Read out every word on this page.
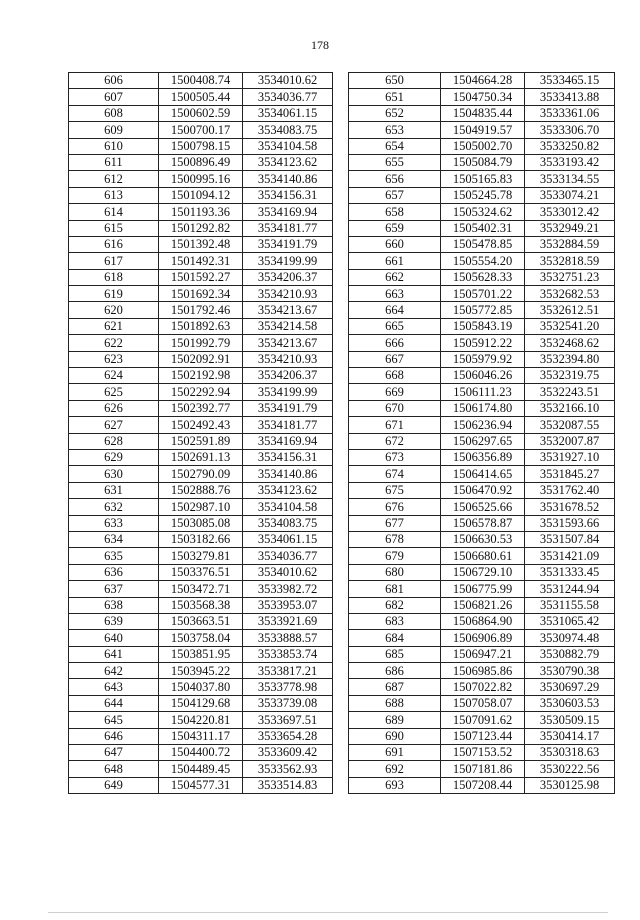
178
606	1500408.74	3534010.62
607	1500505.44	3534036.77
608	1500602.59	3534061.15
609	1500700.17	3534083.75
610	1500798.15	3534104.58
611	1500896.49	3534123.62
612	1500995.16	3534140.86
613	1501094.12	3534156.31
614	1501193.36	3534169.94
615	1501292.82	3534181.77
616	1501392.48	3534191.79
617	1501492.31	3534199.99
618	1501592.27	3534206.37
619	1501692.34	3534210.93
620	1501792.46	3534213.67
621	1501892.63	3534214.58
622	1501992.79	3534213.67
623	1502092.91	3534210.93
624	1502192.98	3534206.37
625	1502292.94	3534199.99
626	1502392.77	3534191.79
627	1502492.43	3534181.77
628	1502591.89	3534169.94
629	1502691.13	3534156.31
630	1502790.09	3534140.86
631	1502888.76	3534123.62
632	1502987.10	3534104.58
633	1503085.08	3534083.75
634	1503182.66	3534061.15
635	1503279.81	3534036.77
636	1503376.51	3534010.62
637	1503472.71	3533982.72
638	1503568.38	3533953.07
639	1503663.51	3533921.69
640	1503758.04	3533888.57
641	1503851.95	3533853.74
642	1503945.22	3533817.21
643	1504037.80	3533778.98
644	1504129.68	3533739.08
645	1504220.81	3533697.51
646	1504311.17	3533654.28
647	1504400.72	3533609.42
648	1504489.45	3533562.93
649	1504577.31	3533514.83
650	1504664.28	3533465.15
651	1504750.34	3533413.88
652	1504835.44	3533361.06
653	1504919.57	3533306.70
654	1505002.70	3533250.82
655	1505084.79	3533193.42
656	1505165.83	3533134.55
657	1505245.78	3533074.21
658	1505324.62	3533012.42
659	1505402.31	3532949.21
660	1505478.85	3532884.59
661	1505554.20	3532818.59
662	1505628.33	3532751.23
663	1505701.22	3532682.53
664	1505772.85	3532612.51
665	1505843.19	3532541.20
666	1505912.22	3532468.62
667	1505979.92	3532394.80
668	1506046.26	3532319.75
669	1506111.23	3532243.51
670	1506174.80	3532166.10
671	1506236.94	3532087.55
672	1506297.65	3532007.87
673	1506356.89	3531927.10
674	1506414.65	3531845.27
675	1506470.92	3531762.40
676	1506525.66	3531678.52
677	1506578.87	3531593.66
678	1506630.53	3531507.84
679	1506680.61	3531421.09
680	1506729.10	3531333.45
681	1506775.99	3531244.94
682	1506821.26	3531155.58
683	1506864.90	3531065.42
684	1506906.89	3530974.48
685	1506947.21	3530882.79
686	1506985.86	3530790.38
687	1507022.82	3530697.29
688	1507058.07	3530603.53
689	1507091.62	3530509.15
690	1507123.44	3530414.17
691	1507153.52	3530318.63
692	1507181.86	3530222.56
693	1507208.44	3530125.98
